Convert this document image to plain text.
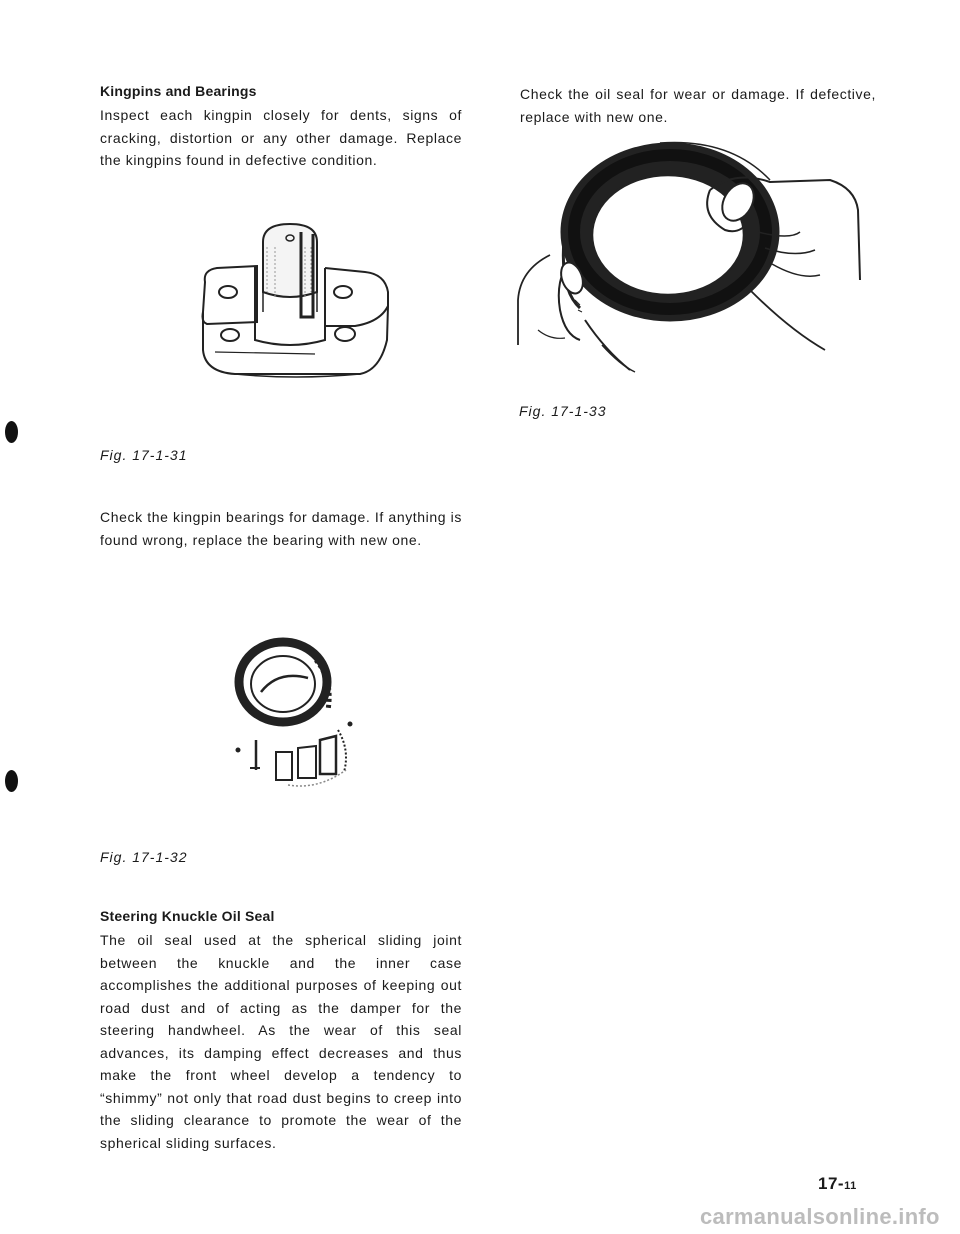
Kingpins and Bearings
Inspect each kingpin closely for dents, signs of cracking, distortion or any other damage. Replace the kingpins found in defective condition.
Fig. 17-1-31
Check the kingpin bearings for damage. If anything is found wrong, replace the bearing with new one.
Fig. 17-1-32
Steering Knuckle Oil Seal
The oil seal used at the spherical sliding joint between the knuckle and the inner case accomplishes the additional purposes of keeping out road dust and of acting as the damper for the steering handwheel. As the wear of this seal advances, its damping effect decreases and thus make the front wheel develop a tendency to “shimmy” not only that road dust begins to creep into the sliding clearance to promote the wear of the spherical sliding surfaces.
Check the oil seal for wear or damage. If defective, replace with new one.
Fig. 17-1-33
17-11
carmanualsonline.info
